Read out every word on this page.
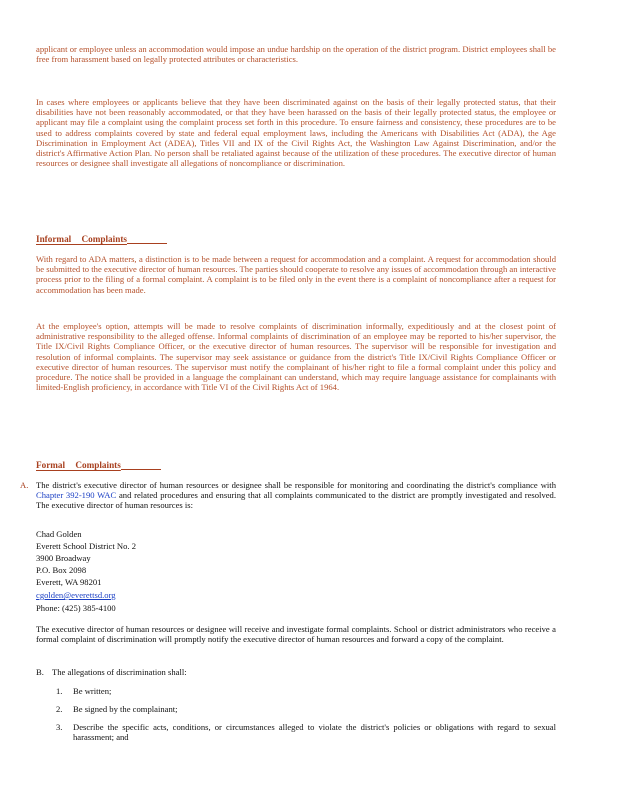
applicant or employee unless an accommodation would impose an undue hardship on the operation of the district program. District employees shall be free from harassment based on legally protected attributes or characteristics.

In cases where employees or applicants believe that they have been discriminated against on the basis of their legally protected status, that their disabilities have not been reasonably accommodated, or that they have been harassed on the basis of their legally protected status, the employee or applicant may file a complaint using the complaint process set forth in this procedure. To ensure fairness and consistency, these procedures are to be used to address complaints covered by state and federal equal employment laws, including the Americans with Disabilities Act (ADA), the Age Discrimination in Employment Act (ADEA), Titles VII and IX of the Civil Rights Act, the Washington Law Against Discrimination, and/or the district's Affirmative Action Plan. No person shall be retaliated against because of the utilization of these procedures. The executive director of human resources or designee shall investigate all allegations of noncompliance or discrimination.

Informal Complaints

With regard to ADA matters, a distinction is to be made between a request for accommodation and a complaint. A request for accommodation should be submitted to the executive director of human resources. The parties should cooperate to resolve any issues of accommodation through an interactive process prior to the filing of a formal complaint. A complaint is to be filed only in the event there is a complaint of noncompliance after a request for accommodation has been made.

At the employee's option, attempts will be made to resolve complaints of discrimination informally, expeditiously and at the closest point of administrative responsibility to the alleged offense. Informal complaints of discrimination of an employee may be reported to his/her supervisor, the Title IX/Civil Rights Compliance Officer, or the executive director of human resources. The supervisor will be responsible for investigation and resolution of informal complaints. The supervisor may seek assistance or guidance from the district's Title IX/Civil Rights Compliance Officer or executive director of human resources. The supervisor must notify the complainant of his/her right to file a formal complaint under this policy and procedure. The notice shall be provided in a language the complainant can understand, which may require language assistance for complainants with limited-English proficiency, in accordance with Title VI of the Civil Rights Act of 1964.

Formal Complaints
A. The district's executive director of human resources or designee shall be responsible for monitoring and coordinating the district's compliance with Chapter 392-190 WAC and related procedures and ensuring that all complaints communicated to the district are promptly investigated and resolved. The executive director of human resources is:

Chad Golden
Everett School District No. 2
3900 Broadway
P.O. Box 2098
Everett, WA 98201
cgolden@everettsd.org
Phone: (425) 385-4100

The executive director of human resources or designee will receive and investigate formal complaints. School or district administrators who receive a formal complaint of discrimination will promptly notify the executive director of human resources and forward a copy of the complaint.

B. The allegations of discrimination shall:
1. Be written;
2. Be signed by the complainant;
3. Describe the specific acts, conditions, or circumstances alleged to violate the district's policies or obligations with regard to sexual harassment; and
